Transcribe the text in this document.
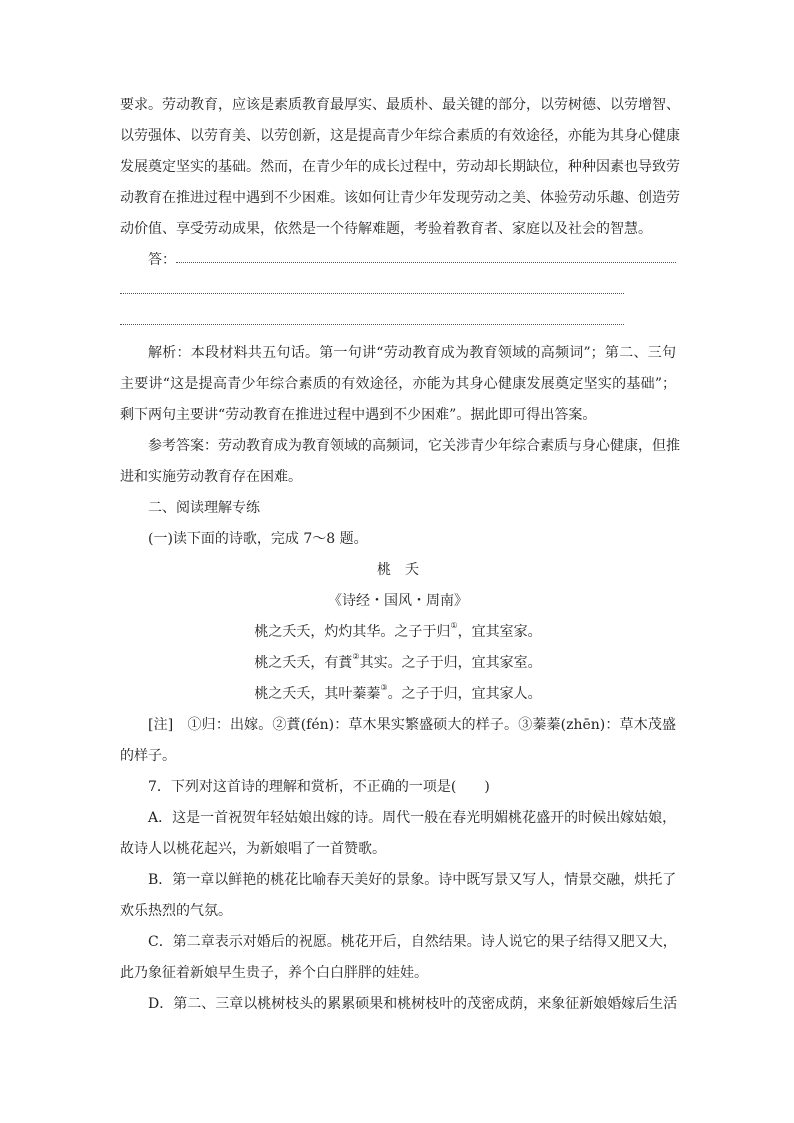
要求。劳动教育，应该是素质教育最厚实、最质朴、最关键的部分，以劳树德、以劳增智、
以劳强体、以劳育美、以劳创新，这是提高青少年综合素质的有效途径，亦能为其身心健康
发展奠定坚实的基础。然而，在青少年的成长过程中，劳动却长期缺位，种种因素也导致劳
动教育在推进过程中遇到不少困难。该如何让青少年发现劳动之美、体验劳动乐趣、创造劳
动价值、享受劳动成果，依然是一个待解难题，考验着教育者、家庭以及社会的智慧。
答：
解析：本段材料共五句话。第一句讲“劳动教育成为教育领域的高频词”；第二、三句
主要讲“这是提高青少年综合素质的有效途径，亦能为其身心健康发展奠定坚实的基础”；
剩下两句主要讲“劳动教育在推进过程中遇到不少困难”。据此即可得出答案。
参考答案：劳动教育成为教育领域的高频词，它关涉青少年综合素质与身心健康，但推
进和实施劳动教育存在困难。
二、阅读理解专练
(一)读下面的诗歌，完成 7～8 题。
桃　夭
《诗经・国风・周南》
桃之夭夭，灼灼其华。之子于归①，宜其室家。
桃之夭夭，有蕡②其实。之子于归，宜其家室。
桃之夭夭，其叶蓁蓁③。之子于归，宜其家人。
[注]　①归：出嫁。②蕡(fén)：草木果实繁盛硕大的样子。③蓁蓁(zhēn)：草木茂盛
的样子。
7．下列对这首诗的理解和赏析，不正确的一项是(　　)
A．这是一首祝贺年轻姑娘出嫁的诗。周代一般在春光明媚桃花盛开的时候出嫁姑娘，
故诗人以桃花起兴，为新娘唱了一首赞歌。
B．第一章以鲜艳的桃花比喻春天美好的景象。诗中既写景又写人，情景交融，烘托了
欢乐热烈的气氛。
C．第二章表示对婚后的祝愿。桃花开后，自然结果。诗人说它的果子结得又肥又大，
此乃象征着新娘早生贵子，养个白白胖胖的娃娃。
D．第二、三章以桃树枝头的累累硕果和桃树枝叶的茂密成荫，来象征新娘婚嫁后生活
